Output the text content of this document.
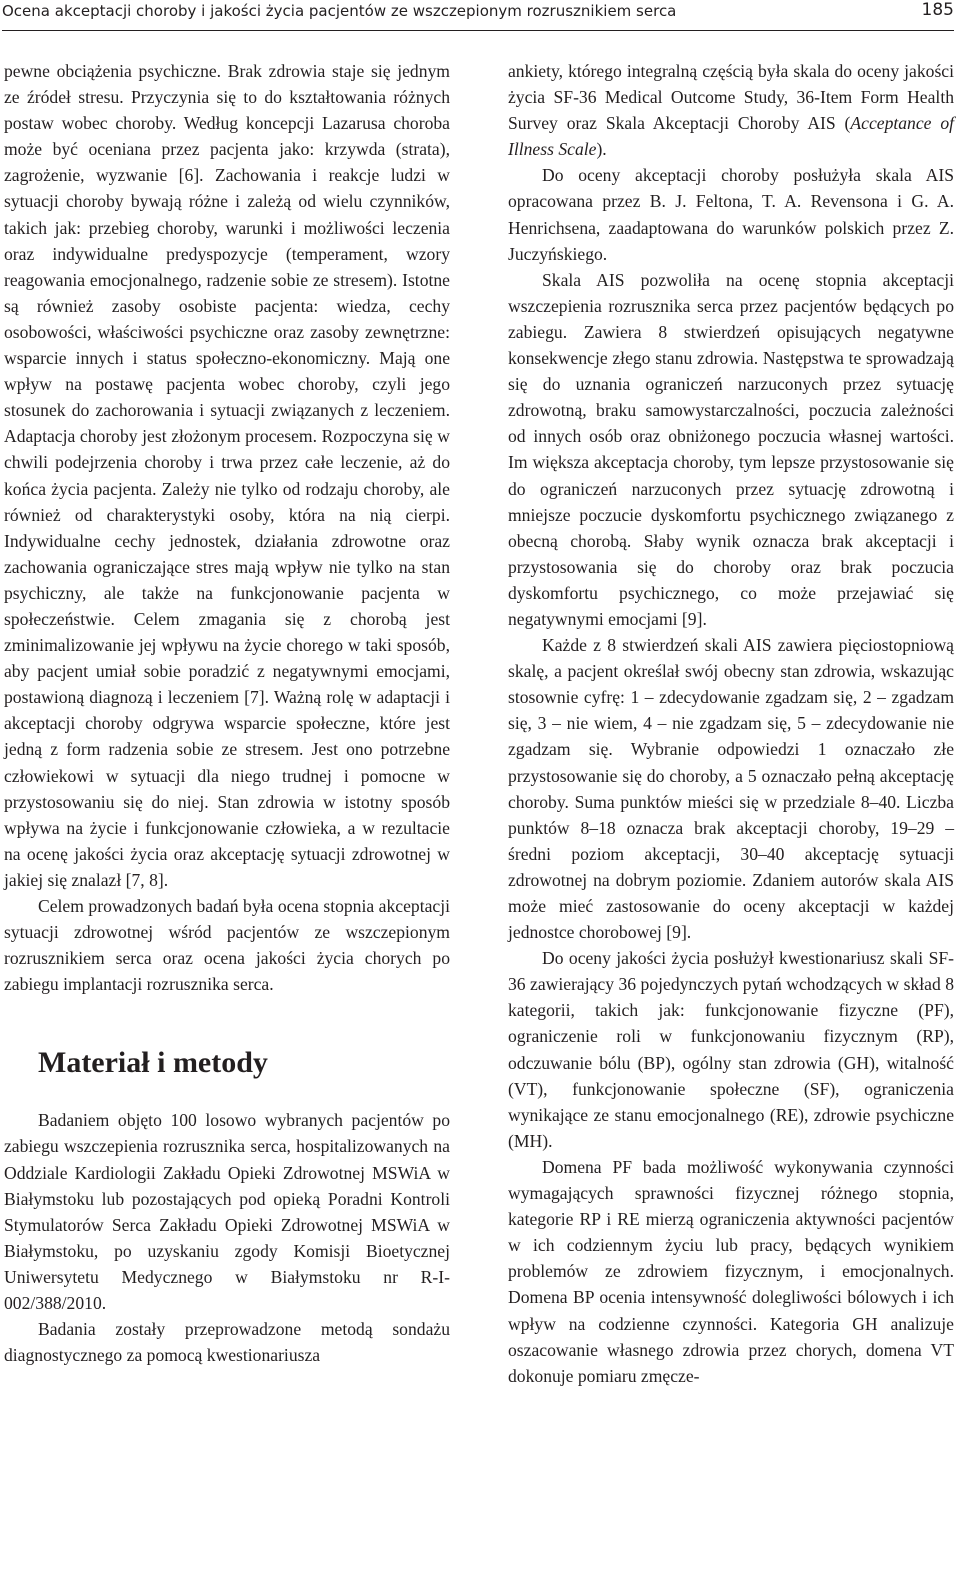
Ocena akceptacji choroby i jakości życia pacjentów ze wszczepionym rozrusznikiem serca	185

pewne obciążenia psychiczne. Brak zdrowia staje się jednym ze źródeł stresu. Przyczynia się to do kształtowania różnych postaw wobec choroby. Według koncepcji Lazarusa choroba może być oceniana przez pacjenta jako: krzywda (strata), zagrożenie, wyzwanie [6]. Zachowania i reakcje ludzi w sytuacji choroby bywają różne i zależą od wielu czynników, takich jak: przebieg choroby, warunki i możliwości leczenia oraz indywidualne predyspozycje (temperament, wzory reagowania emocjonalnego, radzenie sobie ze stresem). Istotne są również zasoby osobiste pacjenta: wiedza, cechy osobowości, właściwości psychiczne oraz zasoby zewnętrzne: wsparcie innych i status społeczno-ekonomiczny. Mają one wpływ na postawę pacjenta wobec choroby, czyli jego stosunek do zachorowania i sytuacji związanych z leczeniem. Adaptacja choroby jest złożonym procesem. Rozpoczyna się w chwili podejrzenia choroby i trwa przez całe leczenie, aż do końca życia pacjenta. Zależy nie tylko od rodzaju choroby, ale również od charakterystyki osoby, która na nią cierpi. Indywidualne cechy jednostek, działania zdrowotne oraz zachowania ograniczające stres mają wpływ nie tylko na stan psychiczny, ale także na funkcjonowanie pacjenta w społeczeństwie. Celem zmagania się z chorobą jest zminimalizowanie jej wpływu na życie chorego w taki sposób, aby pacjent umiał sobie poradzić z negatywnymi emocjami, postawioną diagnozą i leczeniem [7]. Ważną rolę w adaptacji i akceptacji choroby odgrywa wsparcie społeczne, które jest jedną z form radzenia sobie ze stresem. Jest ono potrzebne człowiekowi w sytuacji dla niego trudnej i pomocne w przystosowaniu się do niej. Stan zdrowia w istotny sposób wpływa na życie i funkcjonowanie człowieka, a w rezultacie na ocenę jakości życia oraz akceptację sytuacji zdrowotnej w jakiej się znalazł [7, 8].

Celem prowadzonych badań była ocena stopnia akceptacji sytuacji zdrowotnej wśród pacjentów ze wszczepionym rozrusznikiem serca oraz ocena jakości życia chorych po zabiegu implantacji rozrusznika serca.

Materiał i metody

Badaniem objęto 100 losowo wybranych pacjentów po zabiegu wszczepienia rozrusznika serca, hospitalizowanych na Oddziale Kardiologii Zakładu Opieki Zdrowotnej MSWiA w Białymstoku lub pozostających pod opieką Poradni Kontroli Stymulatorów Serca Zakładu Opieki Zdrowotnej MSWiA w Białymstoku, po uzyskaniu zgody Komisji Bioetycznej Uniwersytetu Medycznego w Białymstoku nr R-I-002/388/2010.

Badania zostały przeprowadzone metodą sondażu diagnostycznego za pomocą kwestionariusza

ankiety, którego integralną częścią była skala do oceny jakości życia SF-36 Medical Outcome Study, 36-Item Form Health Survey oraz Skala Akceptacji Choroby AIS (Acceptance of Illness Scale).

Do oceny akceptacji choroby posłużyła skala AIS opracowana przez B. J. Feltona, T. A. Revensona i G. A. Henrichsena, zaadaptowana do warunków polskich przez Z. Juczyńskiego.

Skala AIS pozwoliła na ocenę stopnia akceptacji wszczepienia rozrusznika serca przez pacjentów będących po zabiegu. Zawiera 8 stwierdzeń opisujących negatywne konsekwencje złego stanu zdrowia. Następstwa te sprowadzają się do uznania ograniczeń narzuconych przez sytuację zdrowotną, braku samowystarczalności, poczucia zależności od innych osób oraz obniżonego poczucia własnej wartości. Im większa akceptacja choroby, tym lepsze przystosowanie się do ograniczeń narzuconych przez sytuację zdrowotną i mniejsze poczucie dyskomfortu psychicznego związanego z obecną chorobą. Słaby wynik oznacza brak akceptacji i przystosowania się do choroby oraz brak poczucia dyskomfortu psychicznego, co może przejawiać się negatywnymi emocjami [9].

Każde z 8 stwierdzeń skali AIS zawiera pięciostopniową skalę, a pacjent określał swój obecny stan zdrowia, wskazując stosownie cyfrę: 1 – zdecydowanie zgadzam się, 2 – zgadzam się, 3 – nie wiem, 4 – nie zgadzam się, 5 – zdecydowanie nie zgadzam się. Wybranie odpowiedzi 1 oznaczało złe przystosowanie się do choroby, a 5 oznaczało pełną akceptację choroby. Suma punktów mieści się w przedziale 8–40. Liczba punktów 8–18 oznacza brak akceptacji choroby, 19–29 – średni poziom akceptacji, 30–40 akceptację sytuacji zdrowotnej na dobrym poziomie. Zdaniem autorów skala AIS może mieć zastosowanie do oceny akceptacji w każdej jednostce chorobowej [9].

Do oceny jakości życia posłużył kwestionariusz skali SF-36 zawierający 36 pojedynczych pytań wchodzących w skład 8 kategorii, takich jak: funkcjonowanie fizyczne (PF), ograniczenie roli w funkcjonowaniu fizycznym (RP), odczuwanie bólu (BP), ogólny stan zdrowia (GH), witalność (VT), funkcjonowanie społeczne (SF), ograniczenia wynikające ze stanu emocjonalnego (RE), zdrowie psychiczne (MH).

Domena PF bada możliwość wykonywania czynności wymagających sprawności fizycznej różnego stopnia, kategorie RP i RE mierzą ograniczenia aktywności pacjentów w ich codziennym życiu lub pracy, będących wynikiem problemów ze zdrowiem fizycznym, i emocjonalnych. Domena BP ocenia intensywność dolegliwości bólowych i ich wpływ na codzienne czynności. Kategoria GH analizuje oszacowanie własnego zdrowia przez chorych, domena VT dokonuje pomiaru zmęcze-
